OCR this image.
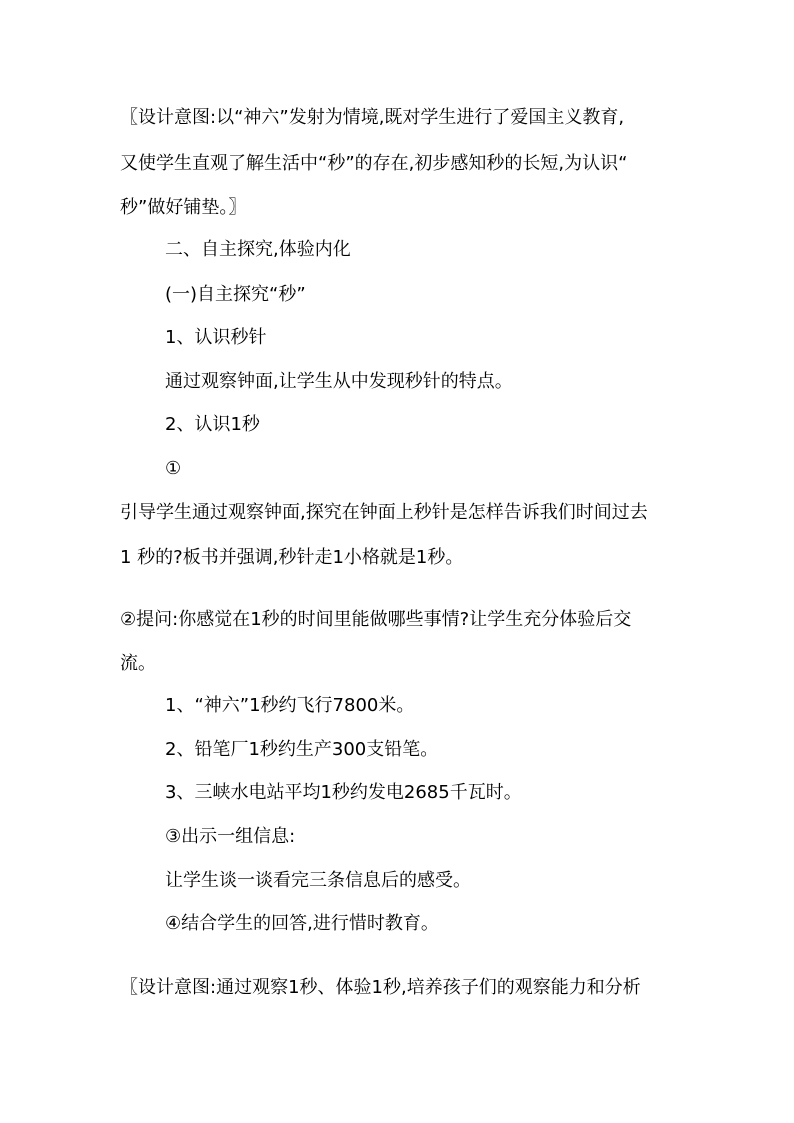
〖设计意图:以“神六”发射为情境,既对学生进行了爱国主义教育,
又使学生直观了解生活中“秒”的存在,初步感知秒的长短,为认识“
秒”做好铺垫。〗
二、自主探究,体验内化
(一)自主探究“秒”
1、认识秒针
通过观察钟面,让学生从中发现秒针的特点。
2、认识1秒
①
引导学生通过观察钟面,探究在钟面上秒针是怎样告诉我们时间过去
1 秒的?板书并强调,秒针走1小格就是1秒。
②提问:你感觉在1秒的时间里能做哪些事情?让学生充分体验后交
流。
1、“神六”1秒约飞行7800米。
2、铅笔厂1秒约生产300支铅笔。
3、三峡水电站平均1秒约发电2685千瓦时。
③出示一组信息:
让学生谈一谈看完三条信息后的感受。
④结合学生的回答,进行惜时教育。
〖设计意图:通过观察1秒、体验1秒,培养孩子们的观察能力和分析
